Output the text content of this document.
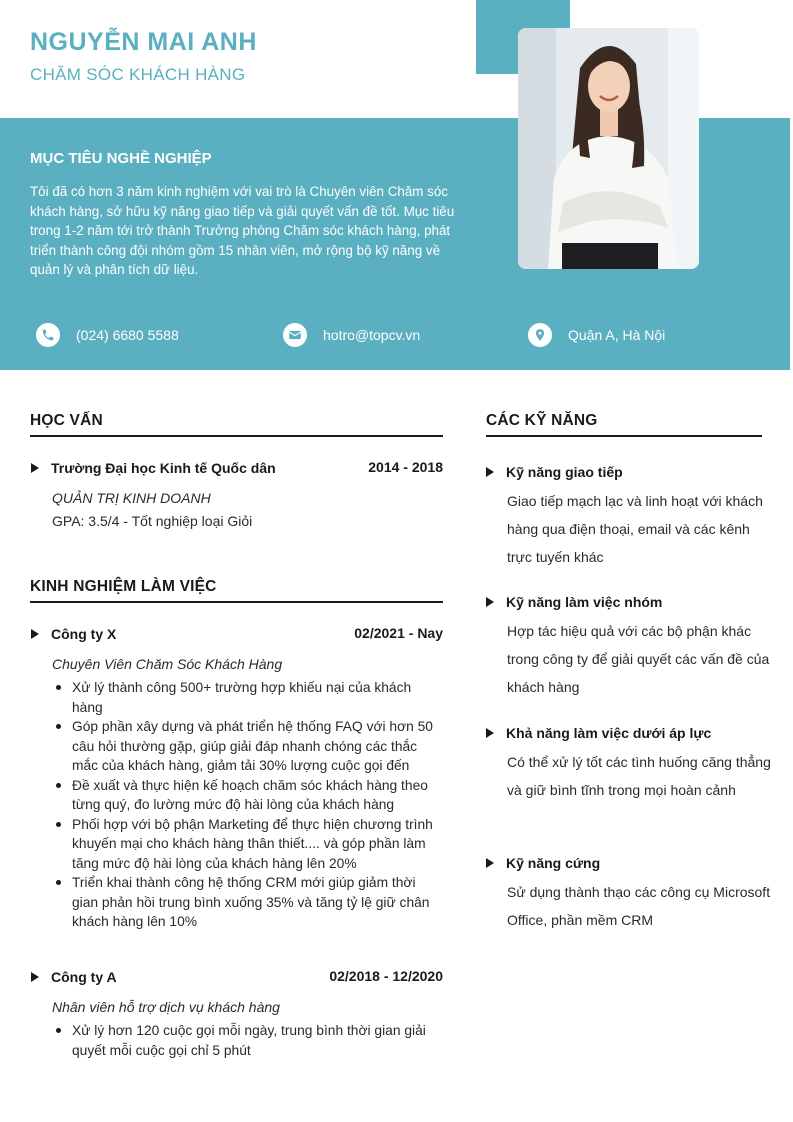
NGUYỄN MAI ANH
CHĂM SÓC KHÁCH HÀNG
MỤC TIÊU NGHỀ NGHIỆP
Tôi đã có hơn 3 năm kinh nghiệm với vai trò là Chuyên viên Chăm sóc khách hàng, sở hữu kỹ năng giao tiếp và giải quyết vấn đề tốt. Mục tiêu trong 1-2 năm tới trở thành Trưởng phòng Chăm sóc khách hàng, phát triển thành công đội nhóm gồm 15 nhân viên, mở rộng bộ kỹ năng về quản lý và phân tích dữ liệu.
(024) 6680 5588	hotro@topcv.vn	Quận A, Hà Nội
HỌC VẤN
Trường Đại học Kinh tế Quốc dân	2014 - 2018
QUẢN TRỊ KINH DOANH
GPA: 3.5/4 - Tốt nghiệp loại Giỏi
KINH NGHIỆM LÀM VIỆC
Công ty X	02/2021 - Nay
Chuyên Viên Chăm Sóc Khách Hàng
Xử lý thành công 500+ trường hợp khiếu nại của khách hàng
Góp phần xây dựng và phát triển hệ thống FAQ với hơn 50 câu hỏi thường gặp, giúp giải đáp nhanh chóng các thắc mắc của khách hàng, giảm tải 30% lượng cuộc gọi đến
Đề xuất và thực hiện kế hoạch chăm sóc khách hàng theo từng quý, đo lường mức độ hài lòng của khách hàng
Phối hợp với bộ phận Marketing để thực hiện chương trình khuyến mại cho khách hàng thân thiết.... và góp phần làm tăng mức độ hài lòng của khách hàng lên 20%
Triển khai thành công hệ thống CRM mới giúp giảm thời gian phản hồi trung bình xuống 35% và tăng tỷ lệ giữ chân khách hàng lên 10%
Công ty A	02/2018 - 12/2020
Nhân viên hỗ trợ dịch vụ khách hàng
Xử lý hơn 120 cuộc gọi mỗi ngày, trung bình thời gian giải quyết mỗi cuộc gọi chỉ 5 phút
CÁC KỸ NĂNG
Kỹ năng giao tiếp
Giao tiếp mạch lạc và linh hoạt với khách hàng qua điện thoại, email và các kênh trực tuyến khác
Kỹ năng làm việc nhóm
Hợp tác hiệu quả với các bộ phận khác trong công ty để giải quyết các vấn đề của khách hàng
Khả năng làm việc dưới áp lực
Có thể xử lý tốt các tình huống căng thẳng và giữ bình tĩnh trong mọi hoàn cảnh
Kỹ năng cứng
Sử dụng thành thạo các công cụ Microsoft Office, phần mềm CRM
